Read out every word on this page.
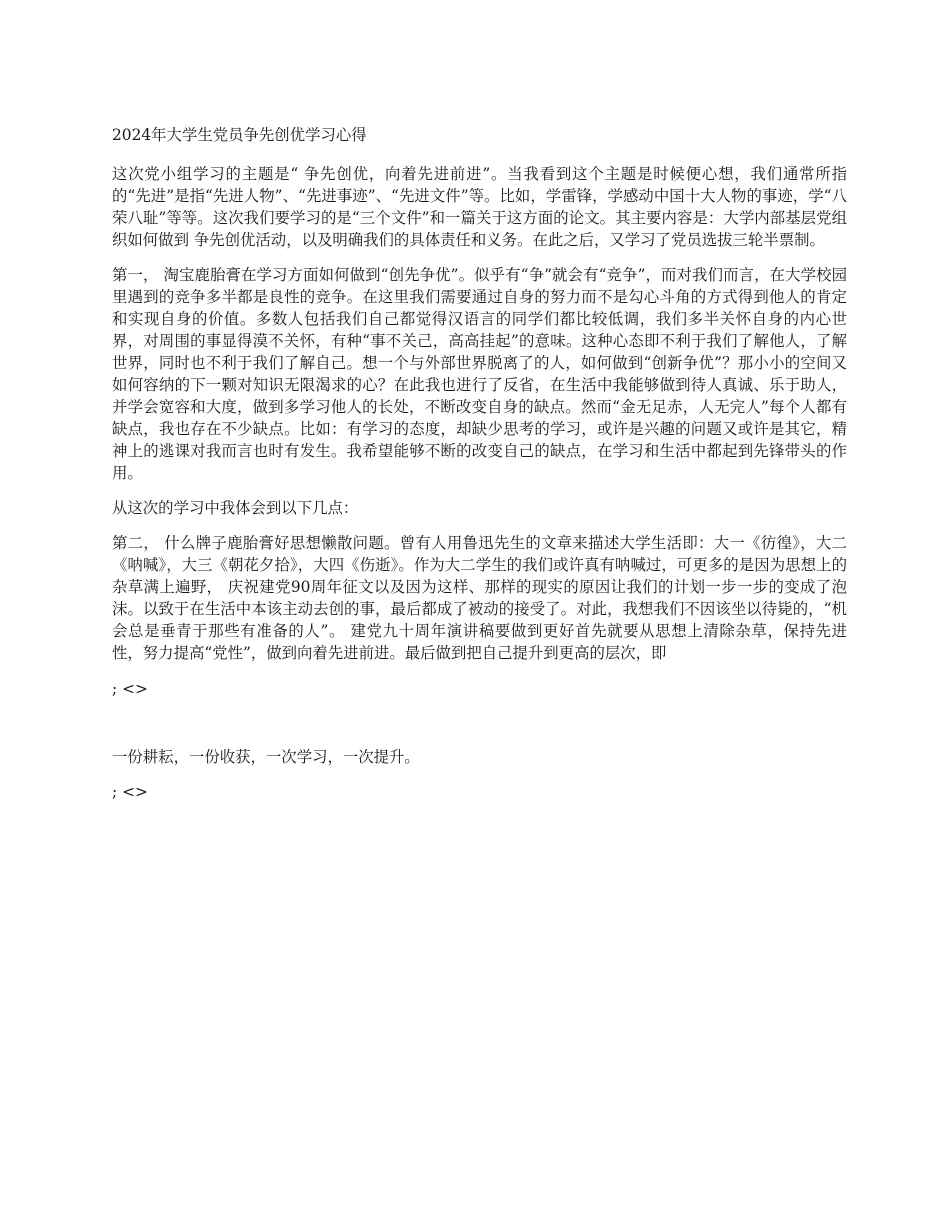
2024年大学生党员争先创优学习心得

这次党小组学习的主题是“ 争先创优，向着先进前进”。当我看到这个主题是时候便心想，我们通常所指的“先进”是指“先进人物”、“先进事迹”、“先进文件”等。比如，学雷锋，学感动中国十大人物的事迹，学“八荣八耻”等等。这次我们要学习的是“三个文件”和一篇关于这方面的论文。其主要内容是：大学内部基层党组织如何做到 争先创优活动，以及明确我们的具体责任和义务。在此之后，又学习了党员选拔三轮半票制。

第一， 淘宝鹿胎膏在学习方面如何做到“创先争优”。似乎有“争”就会有“竞争”，而对我们而言，在大学校园里遇到的竞争多半都是良性的竞争。在这里我们需要通过自身的努力而不是勾心斗角的方式得到他人的肯定和实现自身的价值。多数人包括我们自己都觉得汉语言的同学们都比较低调，我们多半关怀自身的内心世界，对周围的事显得漠不关怀，有种“事不关己，高高挂起”的意味。这种心态即不利于我们了解他人，了解世界，同时也不利于我们了解自己。想一个与外部世界脱离了的人，如何做到“创新争优”？那小小的空间又如何容纳的下一颗对知识无限渴求的心？在此我也进行了反省，在生活中我能够做到待人真诚、乐于助人，并学会宽容和大度，做到多学习他人的长处，不断改变自身的缺点。然而“金无足赤，人无完人”每个人都有缺点，我也存在不少缺点。比如：有学习的态度，却缺少思考的学习，或许是兴趣的问题又或许是其它，精神上的逃课对我而言也时有发生。我希望能够不断的改变自己的缺点，在学习和生活中都起到先锋带头的作用。

从这次的学习中我体会到以下几点：

第二， 什么牌子鹿胎膏好思想懒散问题。曾有人用鲁迅先生的文章来描述大学生活即：大一《彷徨》，大二《呐喊》，大三《朝花夕拾》，大四《伤逝》。作为大二学生的我们或许真有呐喊过，可更多的是因为思想上的杂草满上遍野， 庆祝建党90周年征文以及因为这样、那样的现实的原因让我们的计划一步一步的变成了泡沫。以致于在生活中本该主动去创的事，最后都成了被动的接受了。对此，我想我们不因该坐以待毙的，“机会总是垂青于那些有准备的人”。 建党九十周年演讲稿要做到更好首先就要从思想上清除杂草，保持先进性，努力提高“党性”，做到向着先进前进。最后做到把自己提升到更高的层次，即

; <>

一份耕耘，一份收获，一次学习，一次提升。

; <>
